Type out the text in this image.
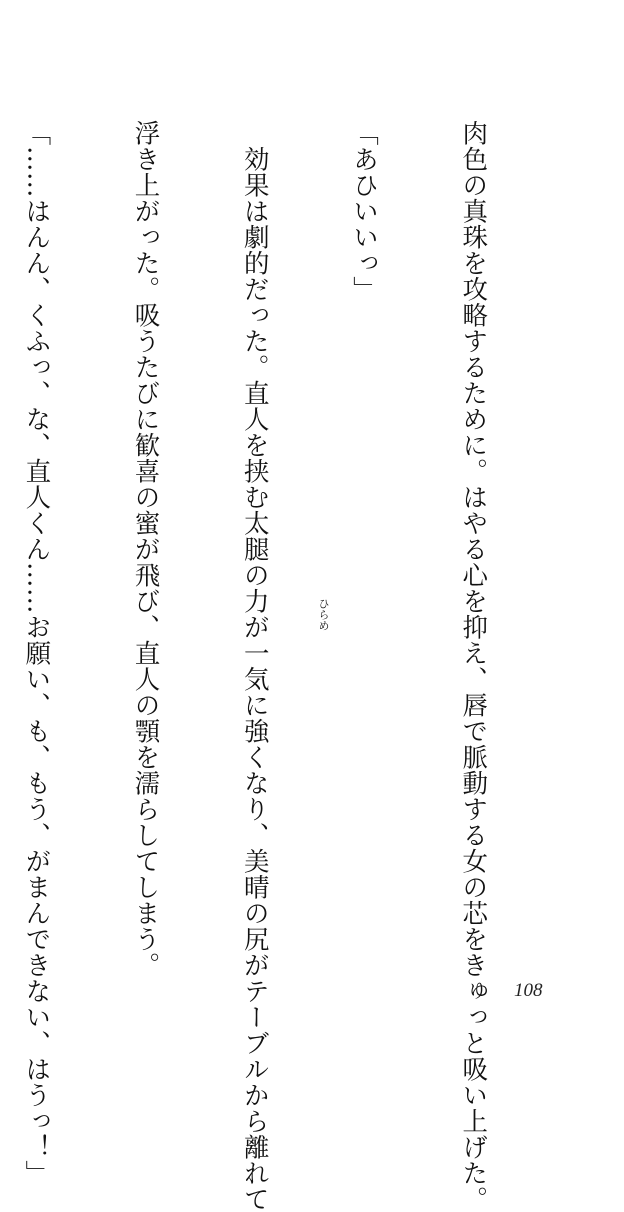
肉色の真珠を攻略するために。はやる心を抑え、唇で脈動する女の芯をきゅっと吸い上げた。

「あひいいっ」

　効果は劇的だった。直人を挟む太腿の力が一気に強くなり、美晴の尻がテーブルから離れて

浮き上がった。吸うたびに歓喜の蜜が飛び、直人の顎を濡らしてしまう。

「……はんん、くふっ、な、直人くん……お願い、も、もう、がまんできない、はうっ！」

	ひらめ
108
